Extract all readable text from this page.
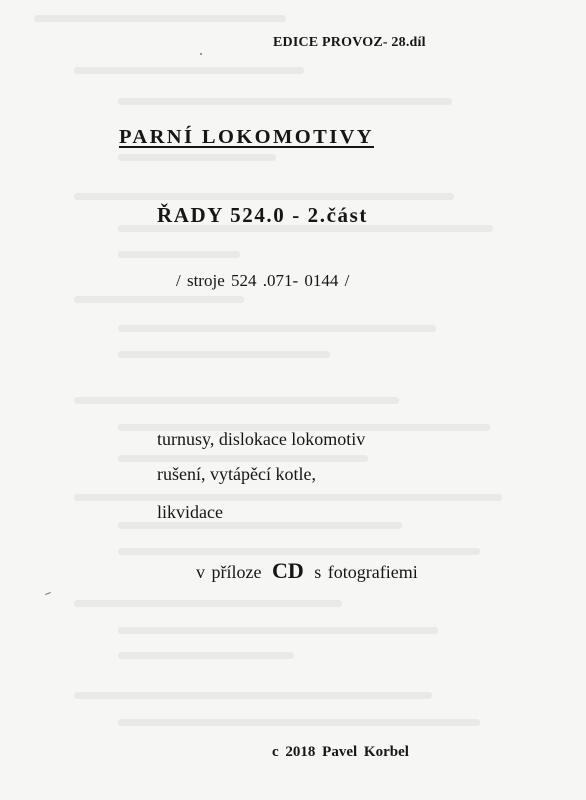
EDICE PROVOZ- 28.díl
PARNÍ LOKOMOTIVY
ŘADY 524.0 - 2.část
/ stroje 524 .071- 0144 /
turnusy, dislokace lokomotiv
rušení, vytápěcí kotle,
likvidace
v příloze CD s fotografiemi
c 2018 Pavel Korbel
